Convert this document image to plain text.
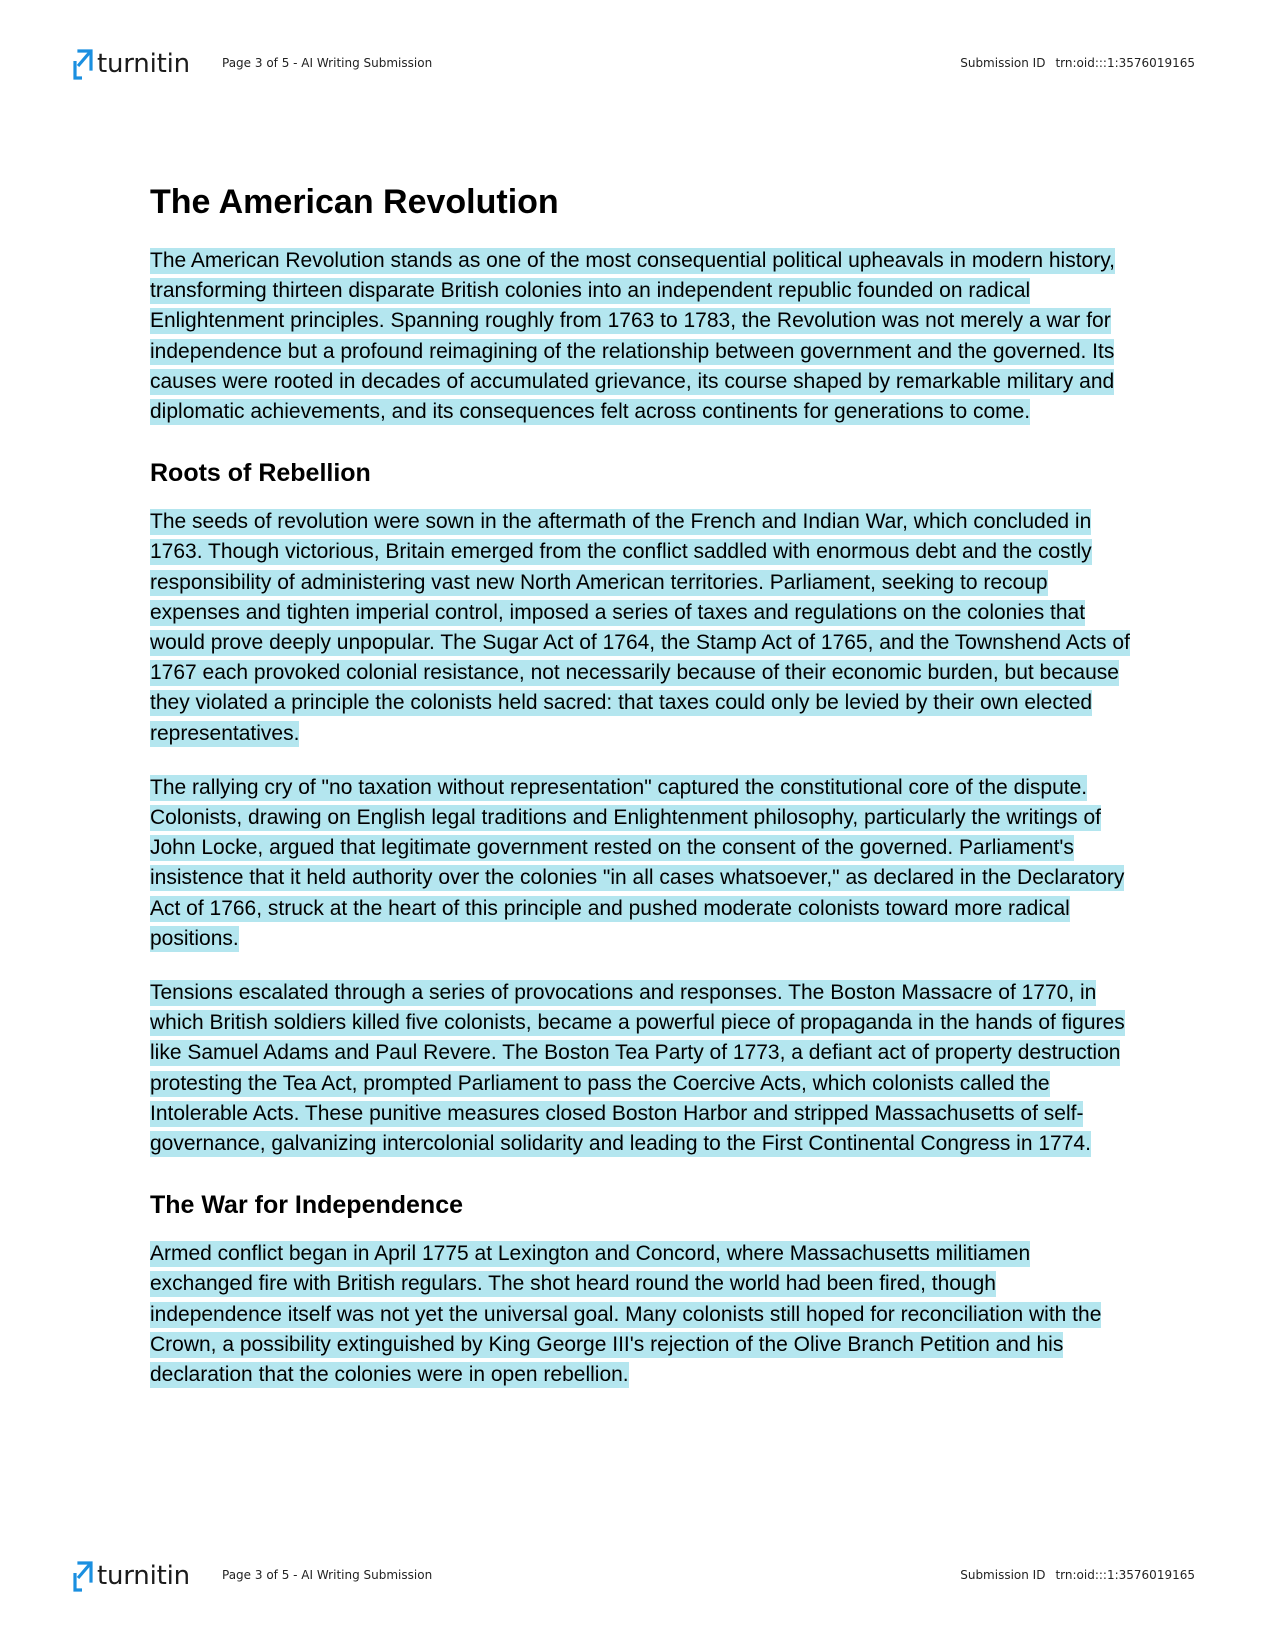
turnitin	Page 3 of 5 - AI Writing Submission	Submission ID trn:oid:::1:3576019165
The American Revolution

The American Revolution stands as one of the most consequential political upheavals in modern history, transforming thirteen disparate British colonies into an independent republic founded on radical Enlightenment principles. Spanning roughly from 1763 to 1783, the Revolution was not merely a war for independence but a profound reimagining of the relationship between government and the governed. Its causes were rooted in decades of accumulated grievance, its course shaped by remarkable military and diplomatic achievements, and its consequences felt across continents for generations to come.

Roots of Rebellion

The seeds of revolution were sown in the aftermath of the French and Indian War, which concluded in 1763. Though victorious, Britain emerged from the conflict saddled with enormous debt and the costly responsibility of administering vast new North American territories. Parliament, seeking to recoup expenses and tighten imperial control, imposed a series of taxes and regulations on the colonies that would prove deeply unpopular. The Sugar Act of 1764, the Stamp Act of 1765, and the Townshend Acts of 1767 each provoked colonial resistance, not necessarily because of their economic burden, but because they violated a principle the colonists held sacred: that taxes could only be levied by their own elected representatives.

The rallying cry of "no taxation without representation" captured the constitutional core of the dispute. Colonists, drawing on English legal traditions and Enlightenment philosophy, particularly the writings of John Locke, argued that legitimate government rested on the consent of the governed. Parliament's insistence that it held authority over the colonies "in all cases whatsoever," as declared in the Declaratory Act of 1766, struck at the heart of this principle and pushed moderate colonists toward more radical positions.

Tensions escalated through a series of provocations and responses. The Boston Massacre of 1770, in which British soldiers killed five colonists, became a powerful piece of propaganda in the hands of figures like Samuel Adams and Paul Revere. The Boston Tea Party of 1773, a defiant act of property destruction protesting the Tea Act, prompted Parliament to pass the Coercive Acts, which colonists called the Intolerable Acts. These punitive measures closed Boston Harbor and stripped Massachusetts of self-governance, galvanizing intercolonial solidarity and leading to the First Continental Congress in 1774.

The War for Independence

Armed conflict began in April 1775 at Lexington and Concord, where Massachusetts militiamen exchanged fire with British regulars. The shot heard round the world had been fired, though independence itself was not yet the universal goal. Many colonists still hoped for reconciliation with the Crown, a possibility extinguished by King George III's rejection of the Olive Branch Petition and his declaration that the colonies were in open rebellion.

turnitin	Page 3 of 5 - AI Writing Submission	Submission ID trn:oid:::1:3576019165
